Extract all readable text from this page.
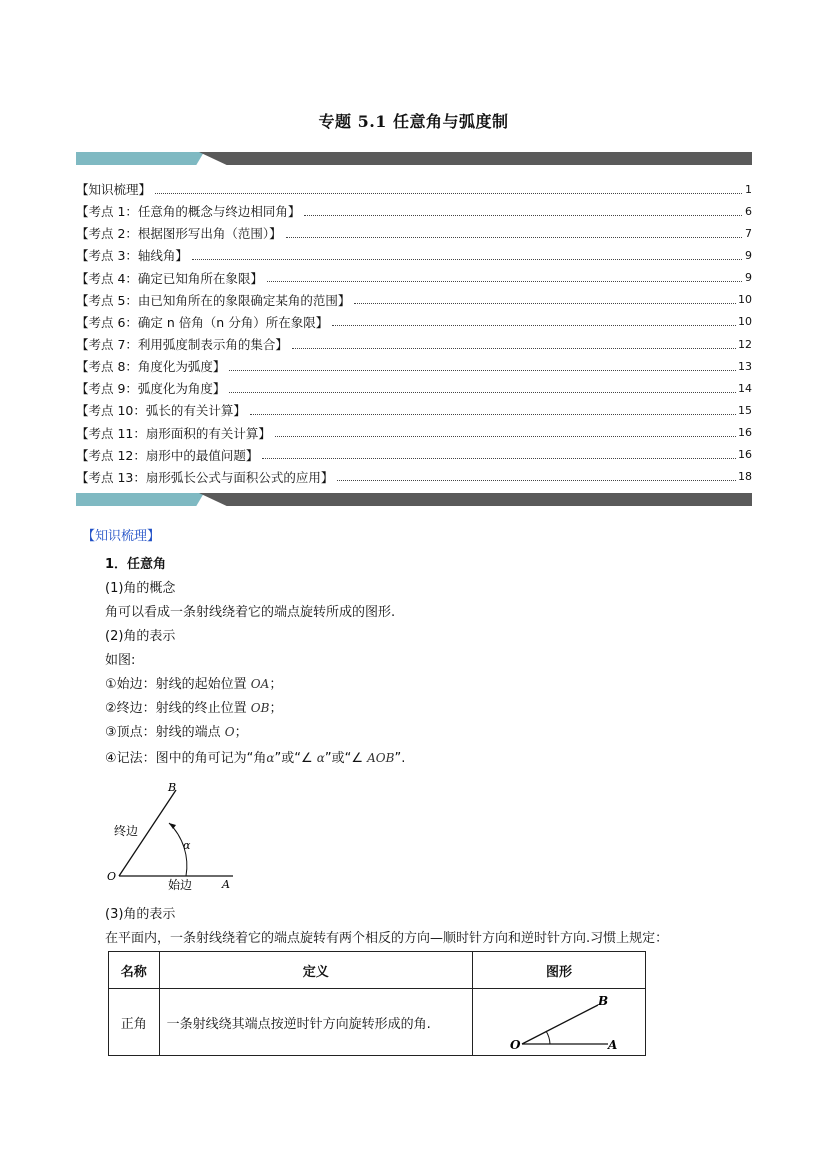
专题 5.1 任意角与弧度制
【知识梳理】	1
【考点 1：任意角的概念与终边相同角】	6
【考点 2：根据图形写出角（范围）】	7
【考点 3：轴线角】	9
【考点 4：确定已知角所在象限】	9
【考点 5：由已知角所在的象限确定某角的范围】	10
【考点 6：确定 n 倍角（n 分角）所在象限】	10
【考点 7：利用弧度制表示角的集合】	12
【考点 8：角度化为弧度】	13
【考点 9：弧度化为角度】	14
【考点 10：弧长的有关计算】	15
【考点 11：扇形面积的有关计算】	16
【考点 12：扇形中的最值问题】	16
【考点 13：扇形弧长公式与面积公式的应用】	18
【知识梳理】
1．任意角
(1)角的概念
角可以看成一条射线绕着它的端点旋转所成的图形.
(2)角的表示
如图:
①始边：射线的起始位置 OA；
②终边：射线的终止位置 OB；
③顶点：射线的端点 O；
④记法：图中的角可记为“角α”或“∠ α”或“∠ AOB”.
B
终边
α
O
始边	A
(3)角的表示
在平面内，一条射线绕着它的端点旋转有两个相反的方向—顺时针方向和逆时针方向.习惯上规定：
名称	定义	图形
正角	一条射线绕其端点按逆时针方向旋转形成的角.	O A
B
